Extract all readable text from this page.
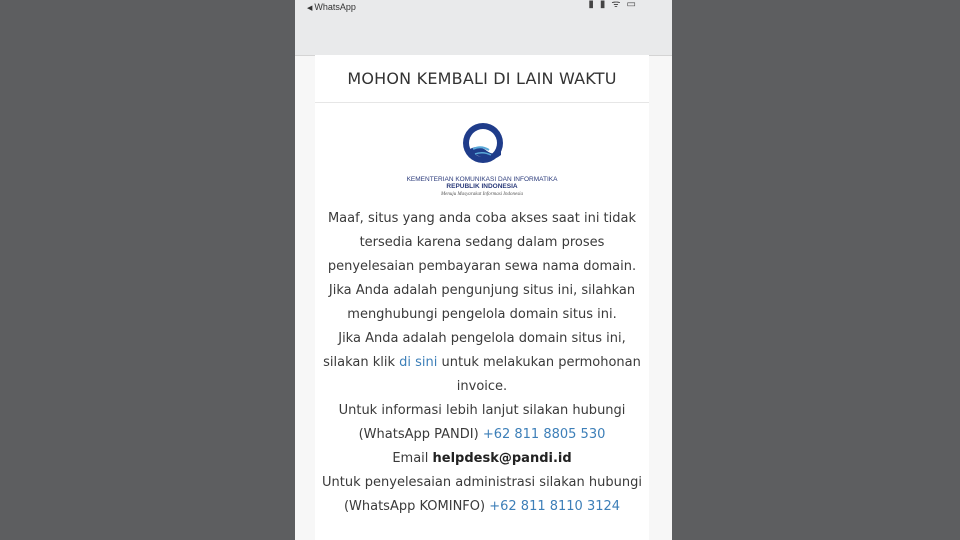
◀ WhatsApp	▮▮ᯤ▭
MOHON KEMBALI DI LAIN WAKTU
KEMENTERIAN KOMUNIKASI DAN INFORMATIKA
REPUBLIK INDONESIA
Menuju Masyarakat Informasi Indonesia

Maaf, situs yang anda coba akses saat ini tidak

tersedia karena sedang dalam proses

penyelesaian pembayaran sewa nama domain.

Jika Anda adalah pengunjung situs ini, silahkan

menghubungi pengelola domain situs ini.

Jika Anda adalah pengelola domain situs ini,

silakan klik di sini untuk melakukan permohonan

invoice.

Untuk informasi lebih lanjut silakan hubungi

(WhatsApp PANDI) +62 811 8805 530

Email helpdesk@pandi.id

Untuk penyelesaian administrasi silakan hubungi

(WhatsApp KOMINFO) +62 811 8110 3124
